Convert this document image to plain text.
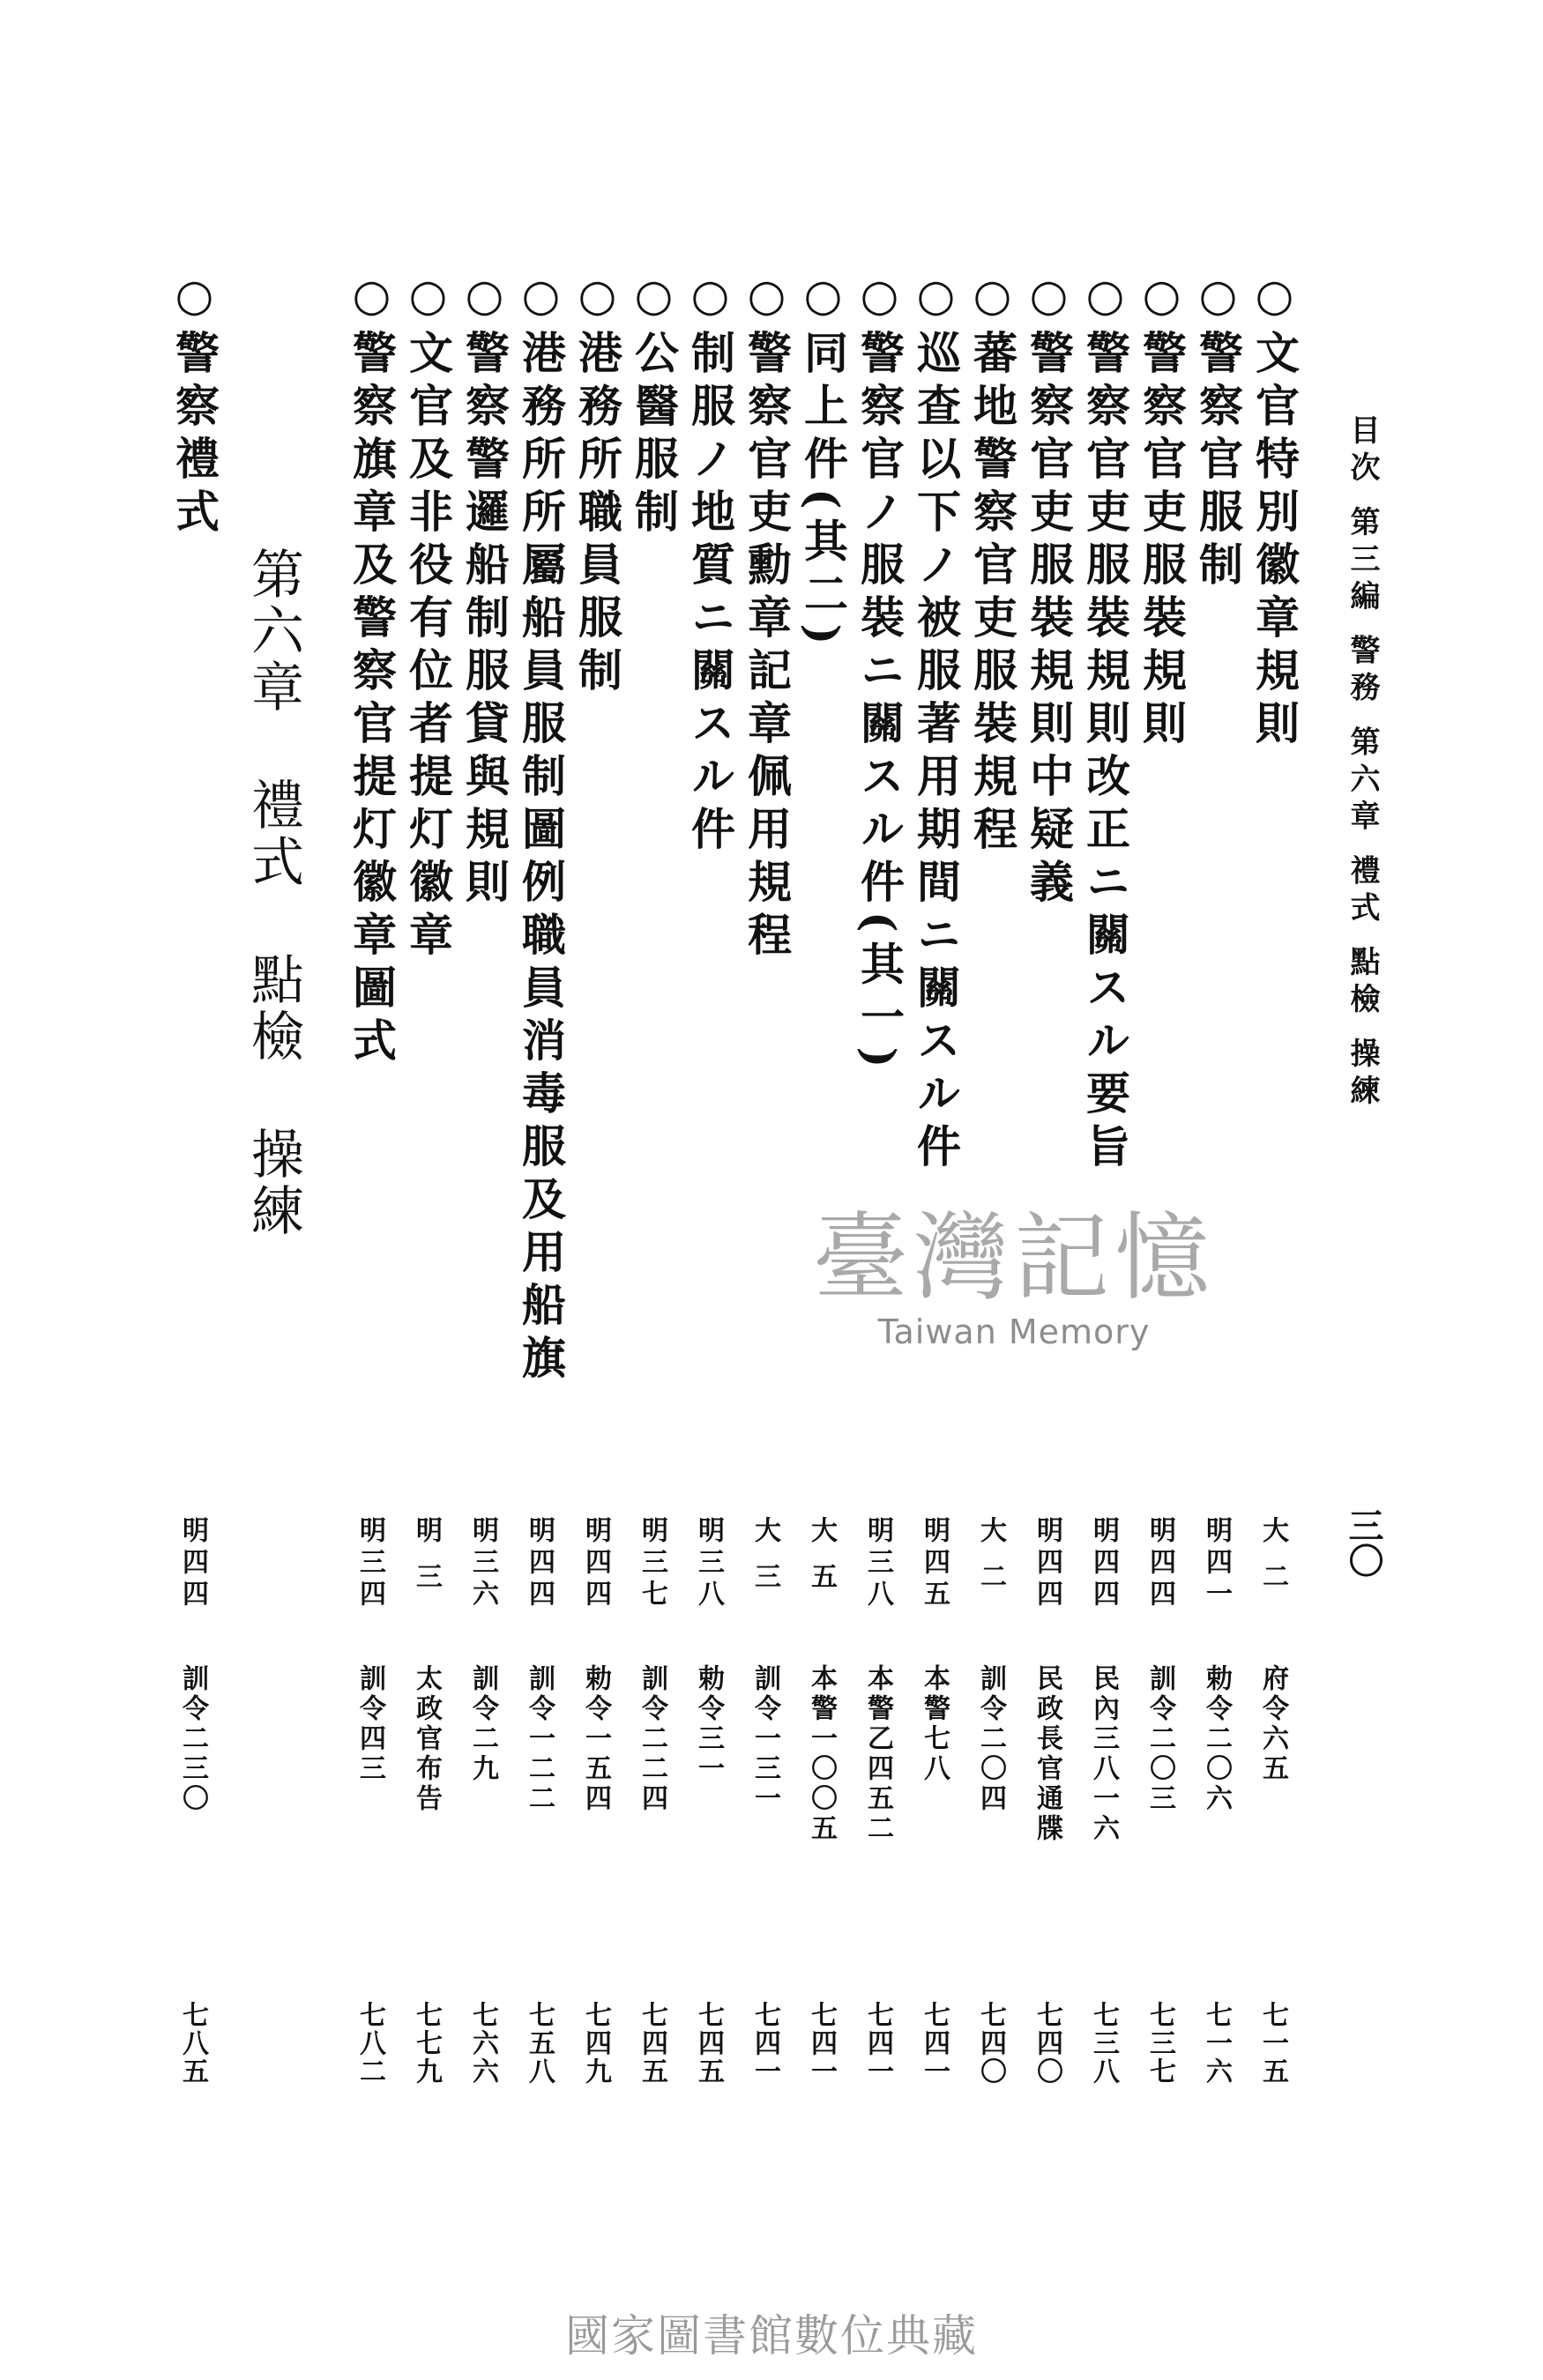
目次 第三編 警務 第六章 禮式 點檢 操練
三〇
○文官特別徽章規則
大 二
府令六五
七一五
○警察官服制
明四一
勅令二〇六
七一六
○警察官吏服裝規則
明四四
訓令二〇三
七三七
○警察官吏服裝規則改正ニ關スル要旨
明四四
民內三八一六
七三八
○警察官吏服裝規則中疑義
明四四
民政長官通牒
七四〇
○蕃地警察官吏服裝規程
大 二
訓令二〇四
七四〇
○巡查以下ノ被服著用期間ニ關スル件
明四五
本警七八
七四一
○警察官ノ服裝ニ關スル件(其一)
明三八
本警乙四五二
七四一
○同上件(其二)
大 五
本警一〇〇五
七四一
○警察官吏勳章記章佩用規程
大 三
訓令一三一
七四一
○制服ノ地質ニ關スル件
明三八
勅令三一
七四五
○公醫服制
明三七
訓令二二四
七四五
○港務所職員服制
明四四
勅令一五四
七四九
○港務所所屬船員服制圖例職員消毒服及用船旗
明四四
訓令一二二
七五八
○警察警邏船制服貸與規則
明三六
訓令二九
七六六
○文官及非役有位者提灯徽章
明 三
太政官布告
七七九
○警察旗章及警察官提灯徽章圖式
明三四
訓令四三
七八二
第六章禮式點檢操練
○警察禮式
明四四
訓令二三〇
七八五
臺灣記憶
Taiwan Memory
國家圖書館數位典藏
